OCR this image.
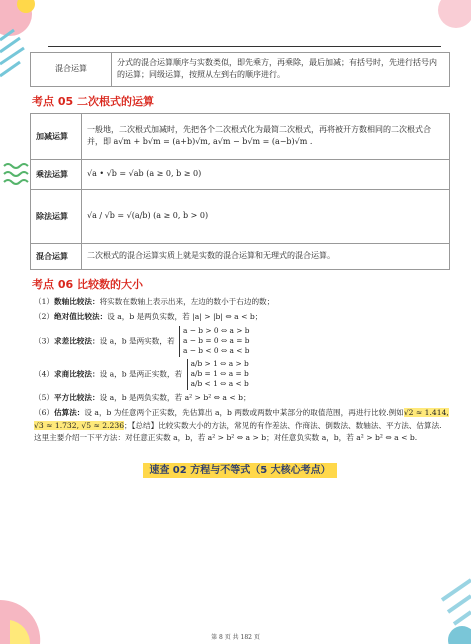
混合运算	分式的混合运算顺序与实数类似，即先乘方，再乘除，最后加减；有括号时，先进行括号内的运算；同级运算，按照从左到右的顺序进行。
考点 05 二次根式的运算
加减运算	一般地，二次根式加减时，先把各个二次根式化为最简二次根式，再将被开方数相同的二次根式合并，即 a√m + b√m = (a+b)√m, a√m − b√m = (a−b)√m .
乘法运算	√a • √b = √ab (a ≥ 0, b ≥ 0)
除法运算	√a / √b = √(a/b) (a ≥ 0, b > 0)
混合运算	二次根式的混合运算实质上就是实数的混合运算和无理式的混合运算。
考点 06 比较数的大小
（1）数轴比较法：将实数在数轴上表示出来，左边的数小于右边的数；
（2）绝对值比较法：设 a，b 是两负实数，若 |a| > |b| ⇔ a < b；
（3）求差比较法：设 a，b 是两实数，若 a − b > 0 ⇔ a > b
a − b = 0 ⇔ a = b
a − b < 0 ⇔ a < b
（4）求商比较法：设 a，b 是两正实数，若 a/b > 1 ⇔ a > b
a/b = 1 ⇔ a = b
a/b < 1 ⇔ a < b
（5）平方比较法：设 a，b 是两负实数，若 a² > b² ⇔ a < b；
（6）估算法：设 a，b 为任意两个正实数，先估算出 a，b 两数或两数中某部分的取值范围，再进行比较.例如√2 ≈ 1.414, √3 ≈ 1.732, √5 ≈ 2.236；【总结】比较实数大小的方法，常见的有作差法、作商法、倒数法、数轴法、平方法、估算法. 这里主要介绍一下平方法：对任意正实数 a，b，若 a² > b² ⇔ a > b；对任意负实数 a，b，若 a² > b² ⇔ a < b.
速查 02 方程与不等式（5 大核心考点）
第 8 页 共 182 页
